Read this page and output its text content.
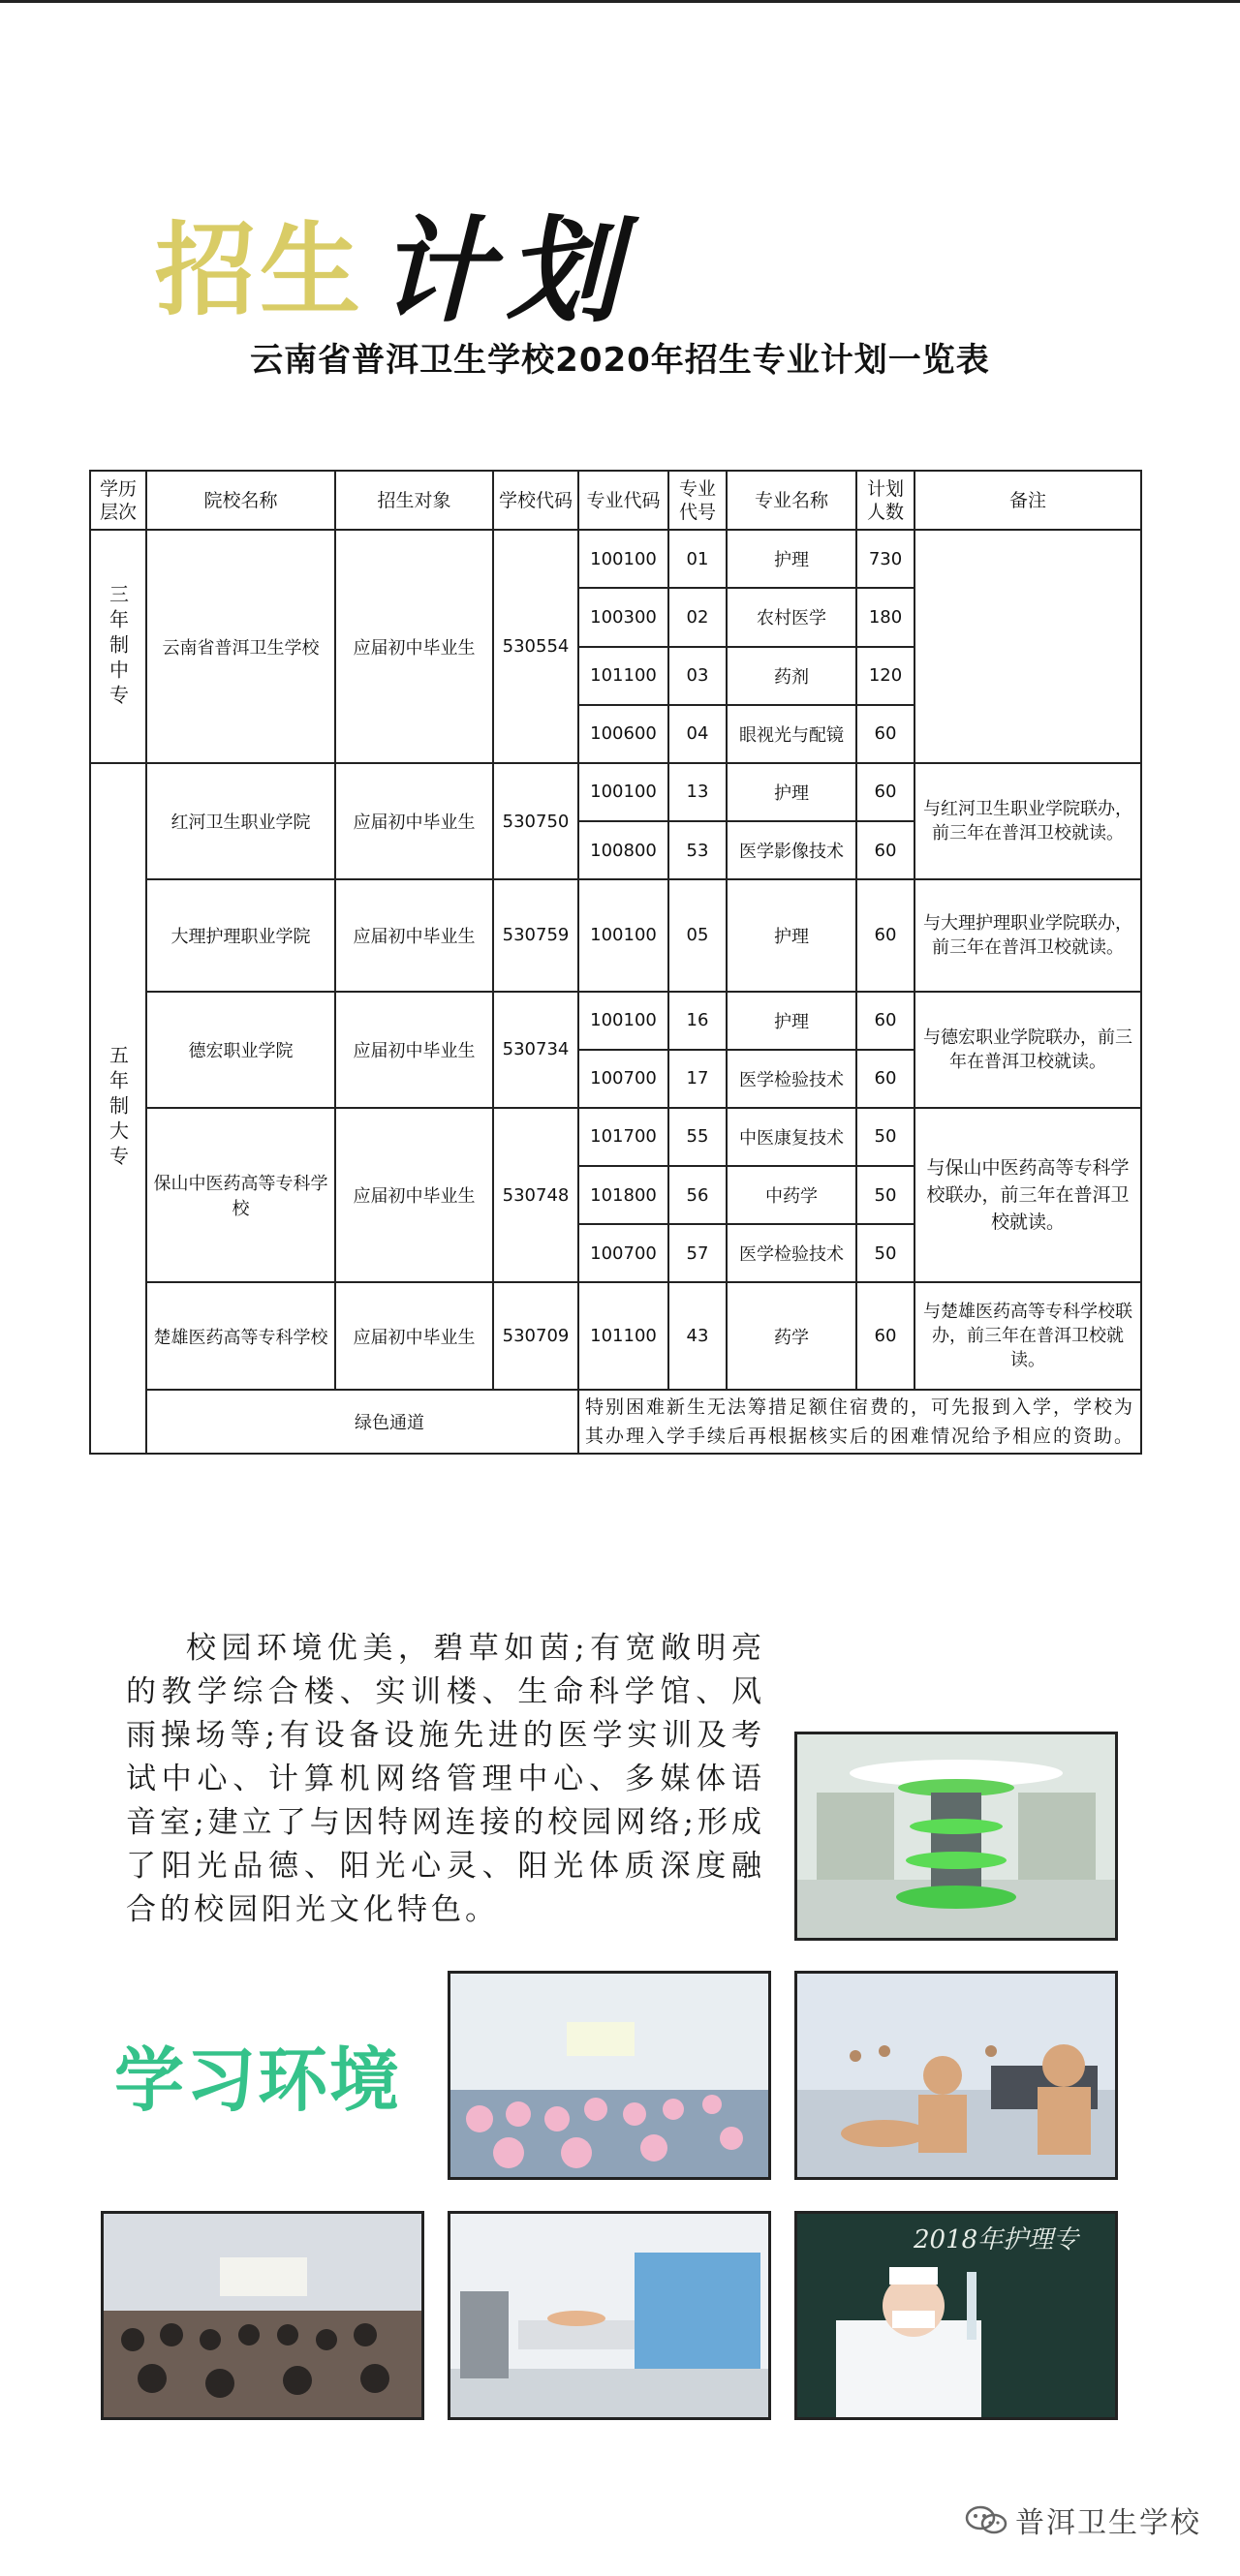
招生 计划
云南省普洱卫生学校2020年招生专业计划一览表
学历层次	院校名称	招生对象	学校代码	专业代码	专业代号	专业名称	计划人数	备注

三年制中专	云南省普洱卫生学校	应届初中毕业生	530554	100100	01	护理	730	
				100300	02	农村医学	180	
				101100	03	药剂	120	
				100600	04	眼视光与配镜	60	

五年制大专	红河卫生职业学院	应届初中毕业生	530750	100100	13	护理	60	与红河卫生职业学院联办，前三年在普洱卫校就读。
				100800	53	医学影像技术	60	
	大理护理职业学院	应届初中毕业生	530759	100100	05	护理	60	与大理护理职业学院联办，前三年在普洱卫校就读。
	德宏职业学院	应届初中毕业生	530734	100100	16	护理	60	与德宏职业学院联办，前三年在普洱卫校就读。
				100700	17	医学检验技术	60	
	保山中医药高等专科学校	应届初中毕业生	530748	101700	55	中医康复技术	50	与保山中医药高等专科学校联办，前三年在普洱卫校就读。
				101800	56	中药学	50	
				100700	57	医学检验技术	50	
	楚雄医药高等专科学校	应届初中毕业生	530709	101100	43	药学	60	与楚雄医药高等专科学校联办，前三年在普洱卫校就读。
	绿色通道			特别困难新生无法筹措足额住宿费的，可先报到入学，学校为其办理入学手续后再根据核实后的困难情况给予相应的资助。				

校园环境优美，碧草如茵;有宽敞明亮的教学综合楼、实训楼、生命科学馆、风雨操场等;有设备设施先进的医学实训及考试中心、计算机网络管理中心、多媒体语音室;建立了与因特网连接的校园网络;形成了阳光品德、阳光心灵、阳光体质深度融合的校园阳光文化特色。

学习环境
2018年护理专
普洱卫生学校
